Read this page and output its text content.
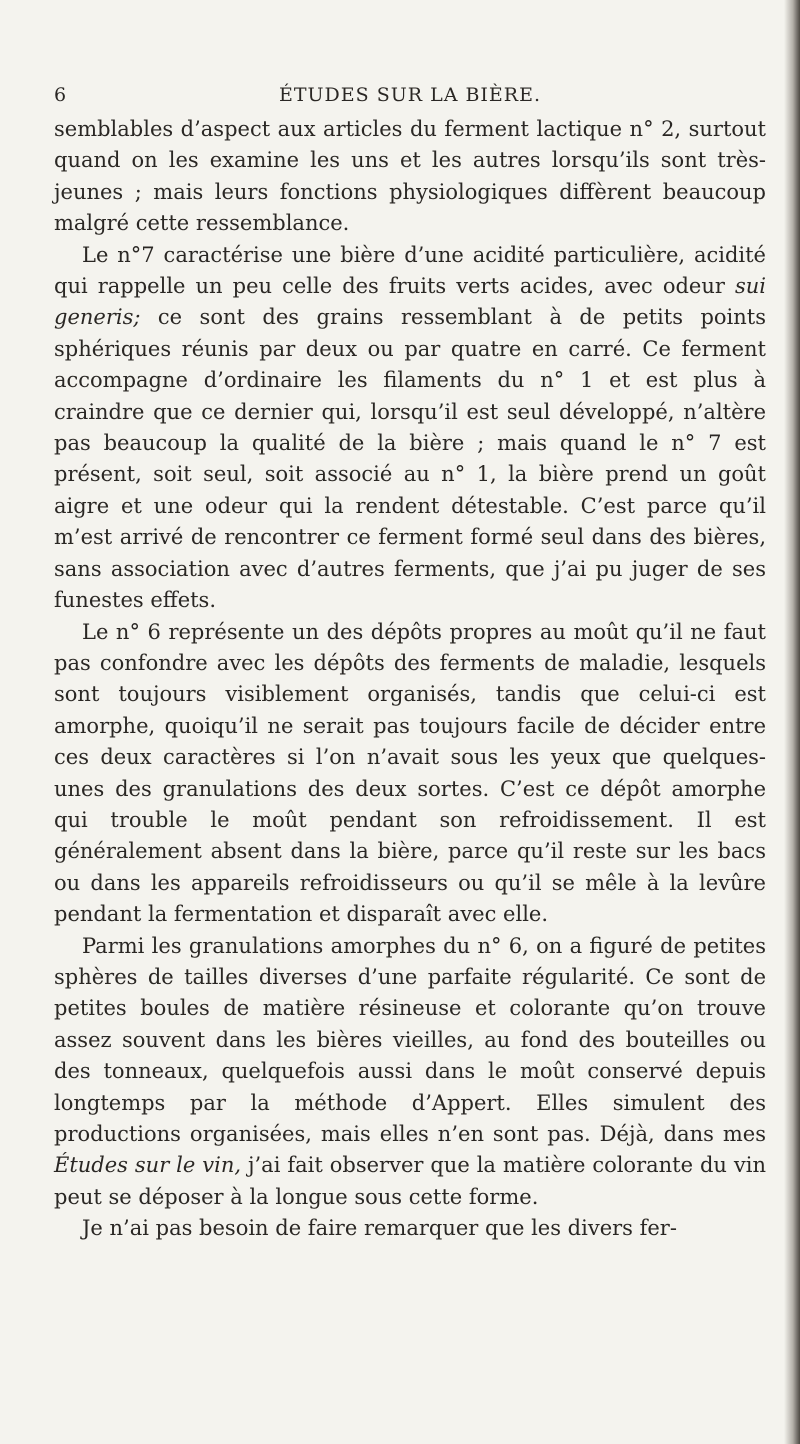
6	ÉTUDES SUR LA BIÈRE.

semblables d’aspect aux articles du ferment lactique n° 2, surtout quand on les examine les uns et les autres lorsqu’ils sont très-jeunes ; mais leurs fonctions physiologiques diffèrent beaucoup malgré cette ressemblance.

Le n°7 caractérise une bière d’une acidité particulière, acidité qui rappelle un peu celle des fruits verts acides, avec odeur sui generis; ce sont des grains ressemblant à de petits points sphériques réunis par deux ou par quatre en carré. Ce ferment accompagne d’ordinaire les filaments du n° 1 et est plus à craindre que ce dernier qui, lorsqu’il est seul développé, n’altère pas beaucoup la qualité de la bière ; mais quand le n° 7 est présent, soit seul, soit associé au n° 1, la bière prend un goût aigre et une odeur qui la rendent détestable. C’est parce qu’il m’est arrivé de rencontrer ce ferment formé seul dans des bières, sans association avec d’autres ferments, que j’ai pu juger de ses funestes effets.

Le n° 6 représente un des dépôts propres au moût qu’il ne faut pas confondre avec les dépôts des ferments de maladie, lesquels sont toujours visiblement organisés, tandis que celui-ci est amorphe, quoiqu’il ne serait pas toujours facile de décider entre ces deux caractères si l’on n’avait sous les yeux que quelques-unes des granulations des deux sortes. C’est ce dépôt amorphe qui trouble le moût pendant son refroidissement. Il est généralement absent dans la bière, parce qu’il reste sur les bacs ou dans les appareils refroidisseurs ou qu’il se mêle à la levûre pendant la fermentation et disparaît avec elle.

Parmi les granulations amorphes du n° 6, on a figuré de petites sphères de tailles diverses d’une parfaite régularité. Ce sont de petites boules de matière résineuse et colorante qu’on trouve assez souvent dans les bières vieilles, au fond des bouteilles ou des tonneaux, quelquefois aussi dans le moût conservé depuis longtemps par la méthode d’Appert. Elles simulent des productions organisées, mais elles n’en sont pas. Déjà, dans mes Études sur le vin, j’ai fait observer que la matière colorante du vin peut se déposer à la longue sous cette forme.

Je n’ai pas besoin de faire remarquer que les divers fer-
